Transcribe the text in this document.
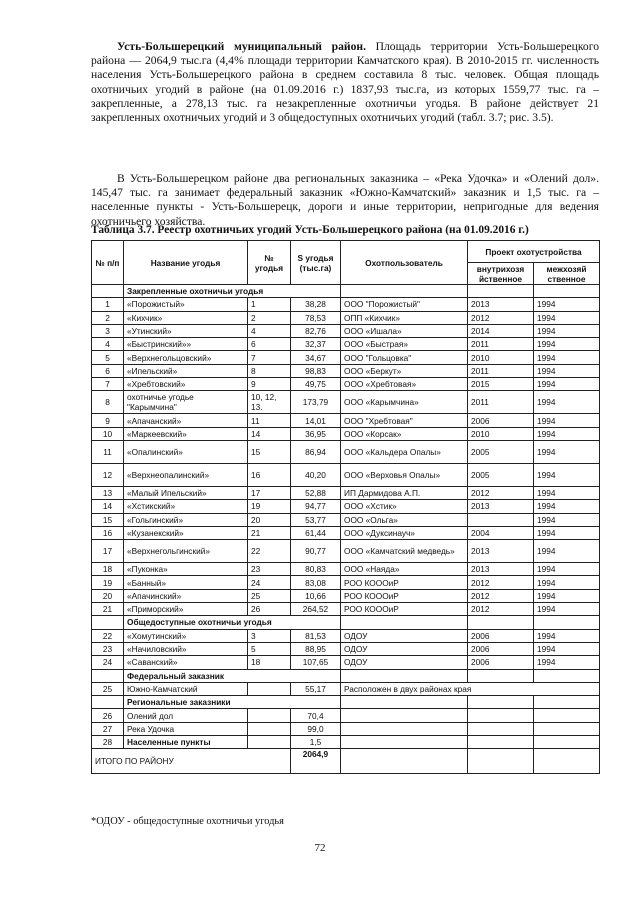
Усть-Большерецкий муниципальный район. Площадь территории Усть-Большерецкого района — 2064,9 тыс.га (4,4% площади территории Камчатского края). В 2010-2015 гг. численность населения Усть-Большерецкого района в среднем составила 8 тыс. человек. Общая площадь охотничьих угодий в районе (на 01.09.2016 г.) 1837,93 тыс.га, из которых 1559,77 тыс. га – закрепленные, а 278,13 тыс. га незакрепленные охотничьи угодья. В районе действует 21 закрепленных охотничьих угодий и 3 общедоступных охотничьих угодий (табл. 3.7; рис. 3.5).
В Усть-Большерецком районе два региональных заказника – «Река Удочка» и «Олений дол». 145,47 тыс. га занимает федеральный заказник «Южно-Камчатский» заказник и 1,5 тыс. га – населенные пункты - Усть-Большерецк, дороги и иные территории, непригодные для ведения охотничьего хозяйства.
Таблица 3.7. Реестр охотничьих угодий Усть-Большерецкого района (на 01.09.2016 г.)
№ п/п	Название угодья	№ угодья	S угодья (тыс.га)	Охотпользователь	Проект охотустройства	
					внутрихозя йственное	межхозяй ственное
	Закрепленные охотничьи угодья					
1	«Порожистый»	1	38,28	ООО "Порожистый"	2013	1994
2	«Кихчик»	2	78,53	ОПП «Кихчик»	2012	1994
3	«Утинский»	4	82,76	ООО «Ишала»	2014	1994
4	«Быстринский»»	6	32,37	ООО «Быстрая»	2011	1994
5	«Верхнегольцовский»	7	34,67	ООО "Гольцовка"	2010	1994
6	«Ипельский»	8	98,83	ООО «Беркут»	2011	1994
7	«Хребтовский»	9	49,75	ООО «Хребтовая»	2015	1994
8	охотничье угодье "Карымчина"	10, 12, 13.	173,79	ООО «Карымчина»	2011	1994
9	«Апачанский»	11	14,01	ООО "Хребтовая"	2006	1994
10	«Маркеевский»	14	36,95	ООО «Корсак»	2010	1994
11	«Опалинский»	15	86,94	ООО «Кальдера Опалы»	2005	1994
12	«Верхнеопалинский»	16	40,20	ООО «Верховья Опалы»	2005	1994
13	«Малый Ипельский»	17	52,88	ИП Дармидова А.П.	2012	1994
14	«Хстикский»	19	94,77	ООО «Хстик»	2013	1994
15	«Гольгинский»	20	53,77	ООО «Ольга»		1994
16	«Кузанекский»	21	61,44	ООО «Дуксинауч»	2004	1994
17	«Верхнегольгинский»	22	90,77	ООО «Камчатский медведь»	2013	1994
18	«Пуконка»	23	80,83	ООО «Наяда»	2013	1994
19	«Банный»	24	83,08	РОО КОООиР	2012	1994
20	«Апачинский»	25	10,66	РОО КОООиР	2012	1994
21	«Приморский»	26	264,52	РОО КОООиР	2012	1994
	Общедоступные охотничьи угодья					
22	«Хомутинский»	3	81,53	ОДОУ	2006	1994
23	«Начиловский»	5	88,95	ОДОУ	2006	1994
24	«Саванский»	18	107,65	ОДОУ	2006	1994
	Федеральный заказник					
25	Южно-Камчатский		55,17	Расположен в двух районах края		
	Региональные заказники					
26	Олений дол		70,4			
27	Река Удочка		99,0			
28	Населенные пункты		1,5			
ИТОГО ПО РАЙОНУ			2064,9			
*ОДОУ - общедоступные охотничьи угодья
72
